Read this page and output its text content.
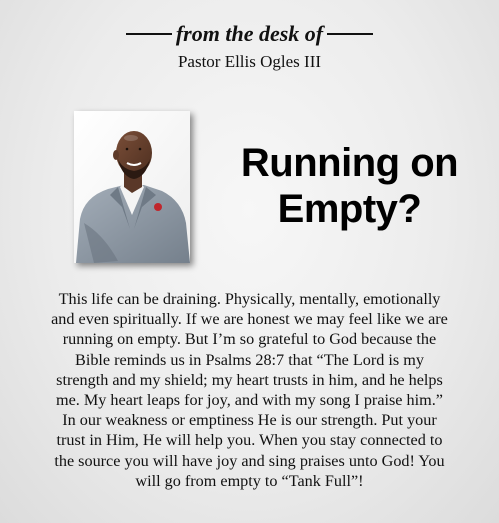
from the desk of
Pastor Ellis Ogles III
Running on
Empty?
This life can be draining. Physically, mentally, emotionally
and even spiritually. If we are honest we may feel like we are
running on empty. But I’m so grateful to God because the
Bible reminds us in Psalms 28:7 that “The Lord is my
strength and my shield; my heart trusts in him, and he helps
me. My heart leaps for joy, and with my song I praise him.”
In our weakness or emptiness He is our strength. Put your
trust in Him, He will help you. When you stay connected to
the source you will have joy and sing praises unto God! You
will go from empty to “Tank Full”!
